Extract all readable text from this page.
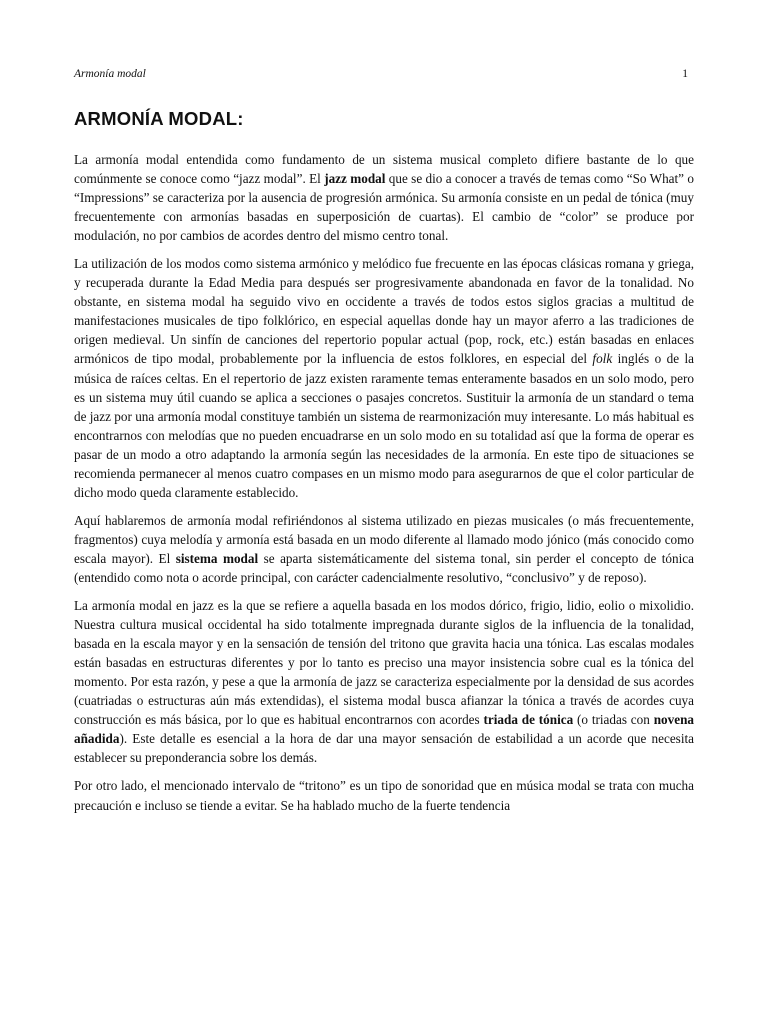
Armonía modal	1
ARMONÍA MODAL:

La armonía modal entendida como fundamento de un sistema musical completo difiere bastante de lo que comúnmente se conoce como “jazz modal”. El jazz modal que se dio a conocer a través de temas como “So What” o “Impressions” se caracteriza por la ausencia de progresión armónica. Su armonía consiste en un pedal de tónica (muy frecuentemente con armonías basadas en superposición de cuartas). El cambio de “color” se produce por modulación, no por cambios de acordes dentro del mismo centro tonal.

La utilización de los modos como sistema armónico y melódico fue frecuente en las épocas clásicas romana y griega, y recuperada durante la Edad Media para después ser progresivamente abandonada en favor de la tonalidad. No obstante, en sistema modal ha seguido vivo en occidente a través de todos estos siglos gracias a multitud de manifestaciones musicales de tipo folklórico, en especial aquellas donde hay un mayor aferro a las tradiciones de origen medieval. Un sinfín de canciones del repertorio popular actual (pop, rock, etc.) están basadas en enlaces armónicos de tipo modal, probablemente por la influencia de estos folklores, en especial del folk inglés o de la música de raíces celtas. En el repertorio de jazz existen raramente temas enteramente basados en un solo modo, pero es un sistema muy útil cuando se aplica a secciones o pasajes concretos. Sustituir la armonía de un standard o tema de jazz por una armonía modal constituye también un sistema de rearmonización muy interesante. Lo más habitual es encontrarnos con melodías que no pueden encuadrarse en un solo modo en su totalidad así que la forma de operar es pasar de un modo a otro adaptando la armonía según las necesidades de la armonía. En este tipo de situaciones se recomienda permanecer al menos cuatro compases en un mismo modo para asegurarnos de que el color particular de dicho modo queda claramente establecido.

Aquí hablaremos de armonía modal refiriéndonos al sistema utilizado en piezas musicales (o más frecuentemente, fragmentos) cuya melodía y armonía está basada en un modo diferente al llamado modo jónico (más conocido como escala mayor). El sistema modal se aparta sistemáticamente del sistema tonal, sin perder el concepto de tónica (entendido como nota o acorde principal, con carácter cadencialmente resolutivo, “conclusivo” y de reposo).

La armonía modal en jazz es la que se refiere a aquella basada en los modos dórico, frigio, lidio, eolio o mixolidio. Nuestra cultura musical occidental ha sido totalmente impregnada durante siglos de la influencia de la tonalidad, basada en la escala mayor y en la sensación de tensión del tritono que gravita hacia una tónica. Las escalas modales están basadas en estructuras diferentes y por lo tanto es preciso una mayor insistencia sobre cual es la tónica del momento. Por esta razón, y pese a que la armonía de jazz se caracteriza especialmente por la densidad de sus acordes (cuatriadas o estructuras aún más extendidas), el sistema modal busca afianzar la tónica a través de acordes cuya construcción es más básica, por lo que es habitual encontrarnos con acordes triada de tónica (o triadas con novena añadida). Este detalle es esencial a la hora de dar una mayor sensación de estabilidad a un acorde que necesita establecer su preponderancia sobre los demás.

Por otro lado, el mencionado intervalo de “tritono” es un tipo de sonoridad que en música modal se trata con mucha precaución e incluso se tiende a evitar. Se ha hablado mucho de la fuerte tendencia
